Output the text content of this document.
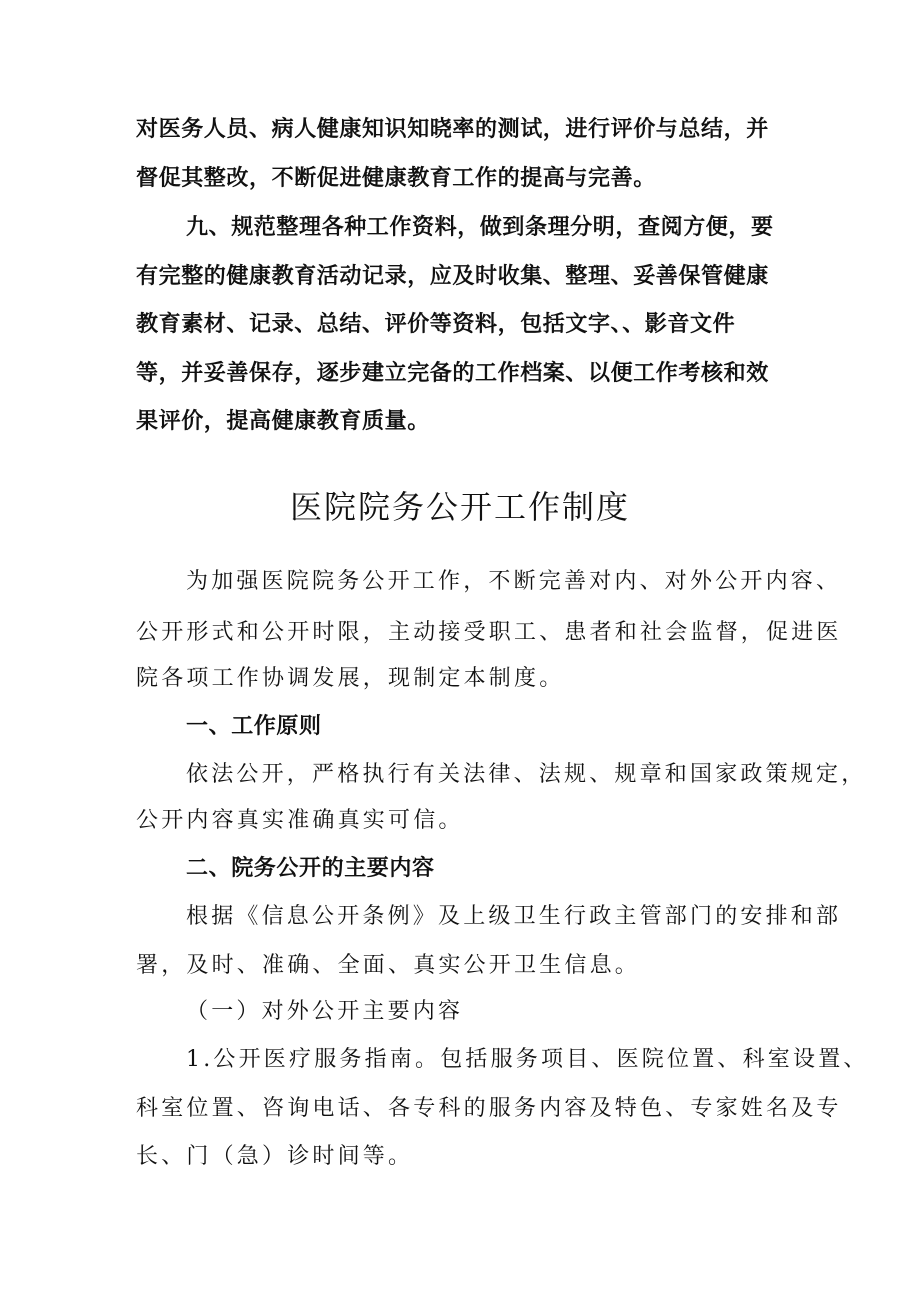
对医务人员、病人健康知识知晓率的测试，进行评价与总结，并
督促其整改，不断促进健康教育工作的提高与完善。
九、规范整理各种工作资料，做到条理分明，查阅方便，要
有完整的健康教育活动记录，应及时收集、整理、妥善保管健康
教育素材、记录、总结、评价等资料，包括文字、、影音文件
等，并妥善保存，逐步建立完备的工作档案、以便工作考核和效
果评价，提高健康教育质量。
医院院务公开工作制度
为加强医院院务公开工作，不断完善对内、对外公开内容、
公开形式和公开时限，主动接受职工、患者和社会监督，促进医
院各项工作协调发展，现制定本制度。
一、工作原则
依法公开，严格执行有关法律、法规、规章和国家政策规定，
公开内容真实准确真实可信。
二、院务公开的主要内容
根据《信息公开条例》及上级卫生行政主管部门的安排和部
署，及时、准确、全面、真实公开卫生信息。
（一）对外公开主要内容
1.公开医疗服务指南。包括服务项目、医院位置、科室设置、
科室位置、咨询电话、各专科的服务内容及特色、专家姓名及专
长、门（急）诊时间等。
